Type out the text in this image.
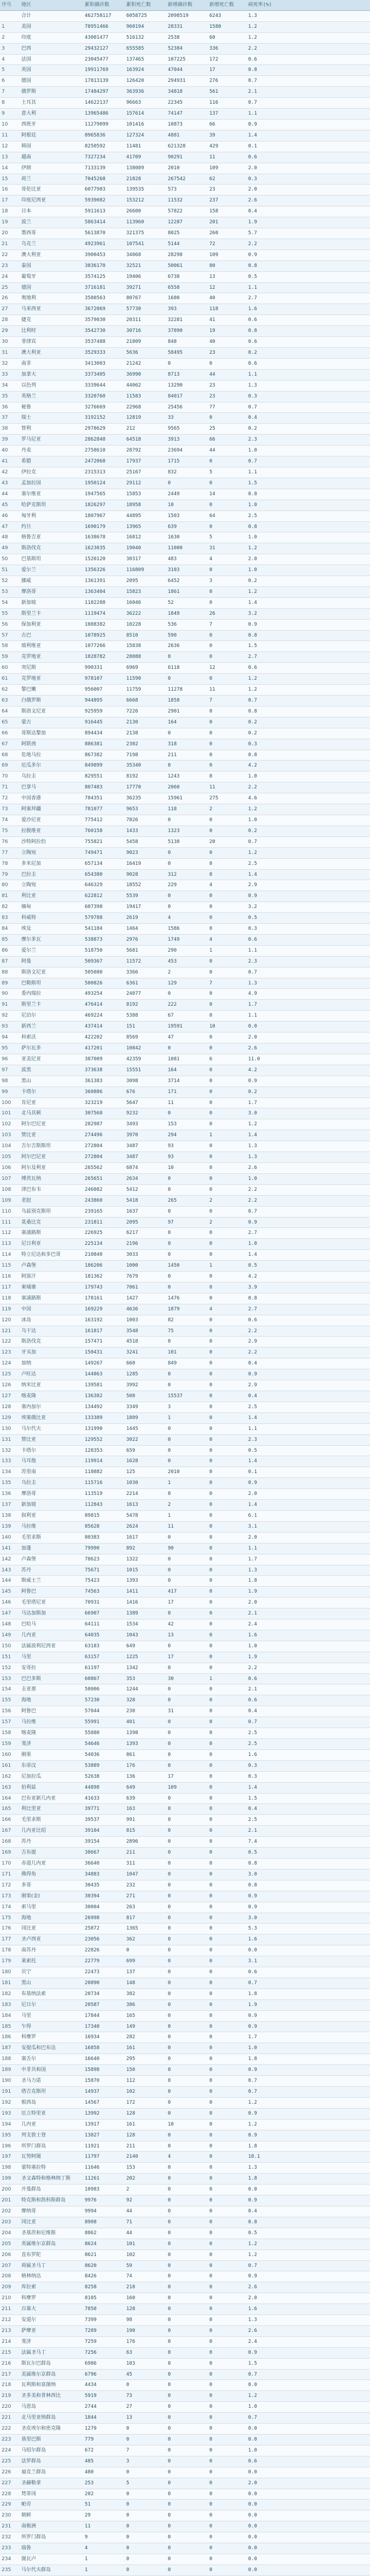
序号	地区	累积确诊数	累积死亡数	新增确诊数	新增死亡数	病死率(%)	
	合计	462758117	6058725	2098519	6243	1.3	
1	美国	78951466	960194	28331	1580	1.2	
2	印度	43001477	516132	2538	60	1.2	
3	巴西	29432127	655585	52384	336	2.2	
4	法国	23045477	137465	107225	172	0.6	
5	英国	19911769	163924	47044	17	0.8	
6	德国	17813139	126420	294931	276	0.7	
7	俄罗斯	17484297	363936	34818	561	2.1	
8	土耳其	14622137	96663	22345	116	0.7	
9	意大利	13965486	157614	74147	137	1.1	
10	西班牙	11279099	101416	10873	66	0.9	
11	阿根廷	8965836	127324	4881	39	1.4	
12	韩国	8250592	11481	621328	429	0.1	
13	越南	7327234	41709	90291	11	0.6	
14	伊朗	7133139	138089	2010	109	2.0	
15	荷兰	7045268	21828	267542	62	0.3	
16	哥伦比亚	6077983	139535	573	23	2.0	
17	印度尼西亚	5939082	153212	11532	237	2.6	
18	日本	5911613	26600	57822	158	0.4	
19	波兰	5863414	113960	12287	201	1.9	
20	墨西哥	5613870	321375	8025	260	5.7	
21	乌克兰	4923961	107541	5144	72	2.2	
22	澳大利亚	3900453	34068	28298	109	0.9	
23	泰国	3836170	32521	50061	80	0.8	
24	葡萄牙	3574125	19406	6738	13	0.5	
25	德国	3716181	39271	6558	12	1.1	
26	奥地利	3580563	80767	1680	40	2.7	
27	马来西亚	3672069	57730	393	118	1.6	
28	捷克	3579030	20311	32281	41	0.6	
29	比利时	3542730	30716	37890	19	0.8	
30	菲律宾	3537488	21809	848	40	0.6	
31	澳大利亚	3529333	5636	58495	23	0.2	
32	南非	3413003	21242	0	0	0.6	
33	加拿大	3373405	36990	8713	44	1.1	
34	以色列	3339644	44062	13290	23	1.3	
35	英格兰	3320760	11583	84017	23	0.3	
36	秘鲁	3276669	22968	25456	77	0.7	
37	瑞士	3192152	12819	33	0	0.4	
38	智利	2978629	212	9565	25	0.2	
39	罗马尼亚	2862848	64518	3913	66	2.3	
40	丹麦	2758610	28792	23694	44	1.0	
41	希腊	2472068	17937	1715	0	0.7	
42	伊拉克	2315313	25167	832	5	1.1	
43	孟加拉国	1950124	29112	0	0	1.5	
44	塞尔维亚	1947565	15853	2449	14	0.8	
45	哈萨克斯坦	1826297	18958	10	0	1.0	
46	匈牙利	1807967	44895	1503	64	2.5	
47	约旦	1690179	13965	639	0	0.8	
48	格鲁吉亚	1638678	16812	1630	5	1.0	
49	斯洛伐克	1623035	19040	11000	31	1.2	
50	巴基斯坦	1520120	30317	483	4	2.0	
51	爱尔兰	1356326	116809	3103	0	1.0	
52	挪威	1361391	2095	6452	3	0.2	
53	摩洛哥	1363404	15823	1861	0	1.2	
54	新加坡	1182288	16046	52	0	1.4	
55	斯里兰卡	1119474	36222	1849	26	3.2	
56	保加利亚	1088382	10228	536	7	0.9	
57	古巴	1078925	8510	590	0	0.8	
58	玻利维亚	1077266	15838	2636	0	1.5	
59	克罗地亚	1028782	28088	0	0	2.7	
60	突尼斯	990331	6969	6118	12	0.6	
61	克罗地亚	978107	11590	0	0	1.2	
62	黎巴嫩	956007	11759	11278	11	1.2	
63	白俄罗斯	944895	6668	1858	7	0.7	
64	斯洛文尼亚	925959	7226	2901	0	0.8	
65	蒙古	916445	2130	164	0	0.2	
66	哥斯达黎加	894434	2138	0	0	0.2	
67	阿联酋	886381	2302	318	0	0.3	
68	危地马拉	867382	7198	211	0	0.8	
69	厄瓜多尔	849899	35340	0	0	4.2	
70	乌拉圭	829551	8192	1243	8	1.0	
71	巴拿马	807483	17770	2060	11	2.2	
72	中国香港	784351	36235	15961	275	4.6	
73	阿塞拜疆	781077	9653	118	2	1.2	
74	爱沙尼亚	775412	7826	0	0	1.0	
75	拉脱维亚	760158	1433	1323	0	0.2	
76	沙特阿拉伯	755821	5458	5138	20	0.7	
77	立陶宛	749471	9023	0	0	1.2	
78	多米尼加	657134	16419	0	0	2.5	
79	巴拉圭	654380	9028	312	8	1.4	
80	立陶宛	646329	18552	229	4	2.9	
81	利比亚	622812	5539	0	0	0.9	
82	缅甸	607398	19417	0	0	3.2	
83	科威特	579788	2619	4	0	0.5	
84	埃及	541184	1464	1586	0	0.3	
85	摩尔多瓦	538873	2976	1749	4	0.6	
86	爱尔兰	518750	5681	290	1	1.1	
87	阿曼	509367	11572	453	0	2.3	
88	斯洛文尼亚	505080	3366	2	0	0.7	
89	巴勒斯坦	500826	6361	129	7	1.3	
90	委内瑞拉	493254	24077	0	0	4.9	
91	斯里兰卡	476414	8192	222	0	1.7	
92	尼泊尔	469224	5388	67	0	1.1	
93	新西兰	437414	151	19591	10	0.0	
94	科索沃	422202	8569	47	0	2.0	
95	萨尔瓦多	417201	10842	0	0	2.6	
96	亚美尼亚	387009	42359	1081	6	11.0	
97	波黑	373638	15551	164	0	4.2	
98	黑山	361383	3098	3714	0	0.9	
99	卡塔尔	360886	676	171	0	0.2	
100	肯尼亚	323219	5647	11	0	1.7	
101	北马其顿	307568	9232	0	0	3.0	
102	阿尔巴尼亚	282987	3493	153	0	1.2	
103	赞比亚	274496	3970	294	1	1.4	
104	吉尔吉斯斯坦	272804	3487	93	0	1.3	
105	阿尔巴尼亚	272804	3487	93	0	1.3	
106	阿尔及利亚	265562	6874	10	0	2.6	
107	博茨瓦纳	265651	2634	0	0	1.0	
108	津巴布韦	246082	5412	0	0	2.2	
109	老挝	243860	5418	265	2	2.2	
110	乌兹别克斯坦	239165	1637	0	0	0.7	
111	莫桑比克	231811	2095	97	2	0.9	
112	塞浦路斯	226925	6217	0	0	2.7	
113	尼日利亚	225134	2196	0	0	1.0	
114	特立尼达和多巴哥	210840	3033	0	0	1.4	
115	卢森堡	186206	1000	1450	1	0.5	
116	阿富汗	181362	7679	0	0	4.2	
117	柬埔寨	179743	7061	0	0	3.9	
118	塞浦路斯	178161	1427	1476	0	0.8	
119	中国	169229	4636	1879	4	2.7	
120	冰岛	163192	1003	82	0	0.6	
121	乌干达	161817	3548	75	0	2.2	
122	斯洛伐克	157471	4518	0	0	2.9	
123	牙买加	150431	3241	101	0	2.2	
124	加纳	149267	660	849	0	0.4	
125	卢旺达	144863	1285	0	0	0.9	
126	纳米比亚	139581	3992	0	0	2.9	
127	喀麦隆	136382	508	15537	0	0.4	
128	塞内加尔	134492	3349	3	0	2.5	
129	埃塞俄比亚	133389	1809	1	0	1.4	
130	马尔代夫	131990	1445	0	0	1.1	
131	赞比亚	129552	3022	0	0	2.3	
132	卡塔尔	128353	659	0	0	0.5	
133	马耳他	119914	1628	0	0	1.4	
134	苏里南	118882	125	2010	0	0.1	
135	乌拉圭	115716	1030	1	0	0.9	
136	摩洛哥	113519	2214	0	0	2.0	
137	新加坡	112843	1613	2	0	1.4	
138	叙利亚	89815	5478	1	0	6.1	
139	马拉维	85628	2624	11	0	3.1	
140	毛里求斯	80383	1617	0	0	2.0	
141	加蓬	79990	892	90	0	1.1	
142	卢森堡	78623	1322	0	0	1.7	
143	苏丹	75671	1015	0	0	1.3	
144	斯威士兰	75423	1393	0	0	1.8	
145	阿鲁巴	74563	1411	417	0	1.9	
146	毛里塔尼亚	70931	1416	17	0	2.0	
147	马达加斯加	66907	1389	0	0	2.1	
148	巴哈马	64111	1534	42	0	2.4	
149	几内亚	64035	1043	13	0	1.6	
150	法属波利尼西亚	63183	649	0	0	1.0	
151	马里	63157	1225	17	0	1.9	
152	安哥拉	61197	1342	0	0	2.2	
153	巴巴多斯	60867	353	30	1	0.6	
154	圭亚那	58006	1244	0	0	2.1	
155	海地	57230	328	0	0	0.6	
156	阿鲁巴	57044	230	31	0	0.4	
157	马拉维	55991	401	0	0	0.7	
158	喀麦隆	55880	1398	0	0	2.5	
159	斐济	54646	1393	0	0	2.5	
160	刚果	54036	861	0	0	1.6	
161	东帝汶	53889	176	0	0	0.3	
162	尼加拉瓜	52638	136	17	0	0.3	
163	伯利兹	44898	649	109	0	1.4	
164	巴布亚新几内亚	41633	639	0	0	1.5	
165	利比里亚	39771	163	0	0	0.4	
166	毛里求斯	39537	991	0	0	2.5	
167	几内亚比绍	39104	815	0	0	2.1	
168	苏丹	39154	2896	0	0	7.4	
169	吉布提	38667	211	0	0	0.5	
170	赤道几内亚	36640	311	0	0	0.8	
171	佛得角	34883	1047	0	0	3.0	
172	多哥	30435	232	0	0	0.8	
173	刚果(金)	30394	271	0	0	0.9	
174	索马里	30004	263	0	0	0.9	
175	海地	26998	817	0	0	3.0	
176	冈比亚	25872	1365	0	0	5.3	
177	圣卢西亚	23056	362	0	0	1.6	
178	南苏丹	22826	0	0	0	0.0	
179	莱索托	22779	699	0	0	3.1	
180	贝宁	22473	137	0	0	0.6	
181	黑山	20890	148	0	0	0.7	
182	布基纳法索	20734	382	0	0	1.8	
183	尼日尔	20587	386	0	0	1.9	
184	马里	17844	165	0	0	0.9	
185	乍得	17340	149	0	0	0.9	
186	科摩罗	16934	282	0	0	1.7	
187	安提瓜和巴布达	16858	161	0	0	1.0	
188	塞舌尔	16640	295	0	0	1.8	
189	中非共和国	15898	150	0	0	0.9	
190	圣马力诺	15870	112	0	0	0.7	
191	塔吉克斯坦	14937	102	0	0	0.7	
192	根西岛	14567	172	0	0	1.2	
193	厄立特里亚	13992	128	0	0	0.9	
194	几内亚	13917	161	10	0	1.2	
195	列支敦士登	13827	128	0	0	0.9	
196	所罗门群岛	11921	211	0	0	1.8	
197	瓦努阿图	11797	2140	4	0	18.1	
198	蒙特塞拉特	11646	153	0	0	1.3	
199	圣文森特和格林纳丁斯	11261	202	0	0	1.8	
200	开曼群岛	10983	2	0	0	0.0	
201	特克斯和凯科斯群岛	9976	92	0	0	0.9	
202	摩纳哥	9994	44	0	0	0.4	
203	冈比亚	8908	71	0	0	0.8	
204	圣基茨和尼维斯	8862	44	0	0	0.5	
205	英属维尔京群岛	8624	101	0	0	1.2	
206	直布罗陀	8621	102	0	0	1.2	
207	荷属圣马丁	8620	59	0	0	0.7	
208	格林纳达	8426	74	0	0	0.9	
209	库拉索	8258	218	0	0	2.6	
210	科摩罗	8105	160	0	0	2.0	
211	百慕大	7850	128	0	0	1.6	
212	安道尔	7399	98	0	0	1.3	
213	萨摩亚	7289	190	0	0	2.6	
214	斐济	7259	176	0	0	2.4	
215	法属圣马丁	7256	63	0	0	0.9	
216	斯瓦尔巴群岛	6986	103	0	0	1.5	
217	美属维尔京群岛	6796	45	0	0	0.7	
218	瓦利斯和富图纳	4434	0	0	0	0.0	
219	圣多美和普林西比	5919	73	0	0	1.2	
220	马恩岛	2744	27	0	0	1.0	
221	北马里亚纳群岛	1844	13	0	0	0.7	
222	圣皮埃尔和密克隆	1279	0	0	0	0.0	
223	基里巴斯	779	0	0	0	0.0	
224	马绍尔群岛	672	7	0	0	1.0	
225	法罗群岛	485	3	0	0	0.6	
226	福克兰群岛	480	0	0	0	0.0	
227	圣赫勒拿	253	5	0	0	2.0	
228	梵蒂冈	202	0	0	0	0.0	
229	帕劳	51	0	0	0	0.0	
230	朝鲜	29	0	0	0	0.0	
231	南极洲	11	0	0	0	0.0	
232	所罗门群岛	9	0	0	0	0.0	
233	瑙鲁	4	0	0	0	0.0	
234	图瓦卢	1	0	0	0	0.0	
235	马尔代夫群岛	1	0	0	0	0.0	
